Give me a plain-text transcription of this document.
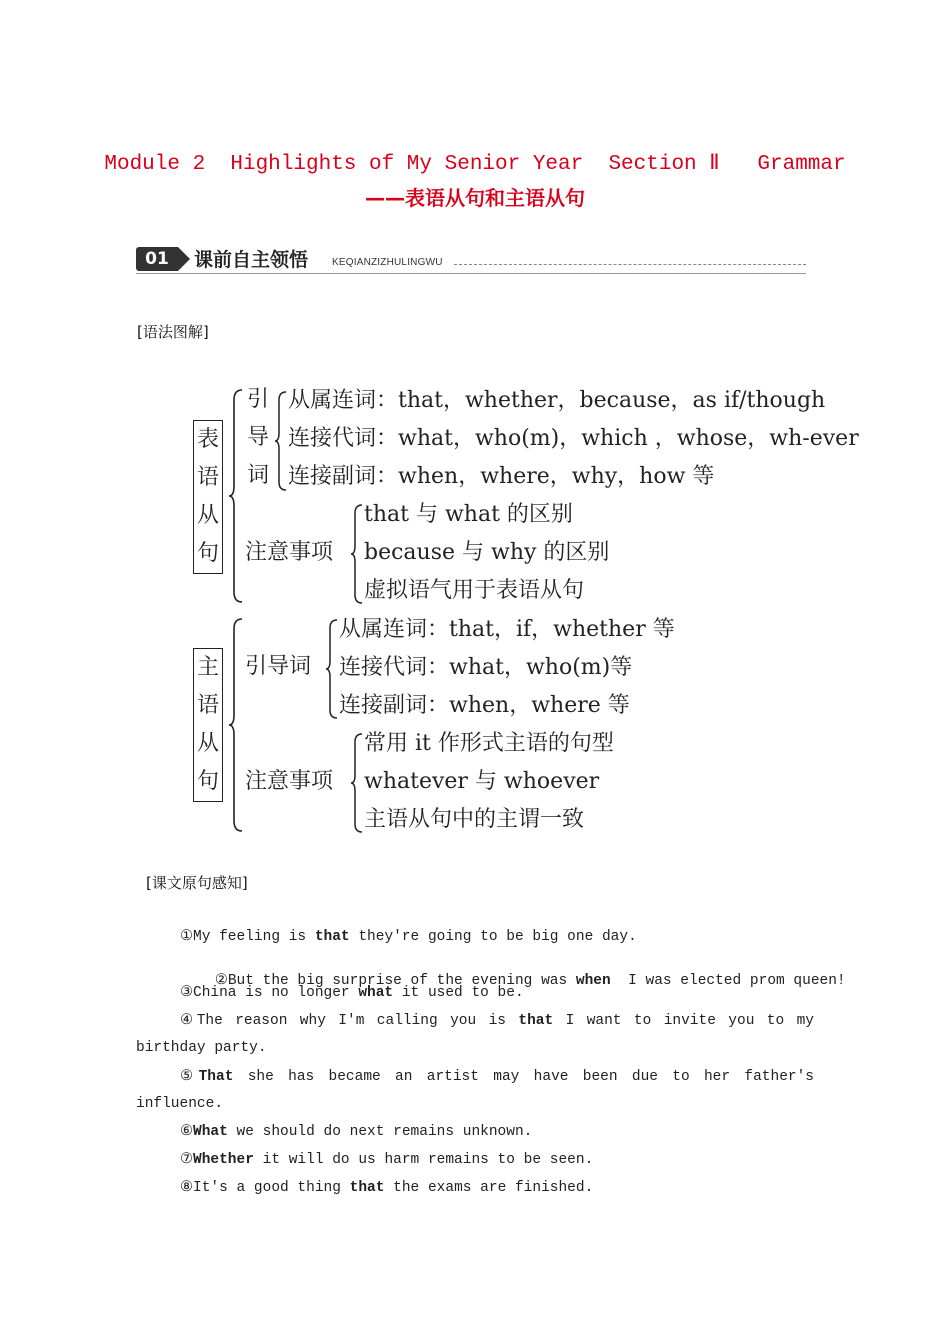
Module 2  Highlights of My Senior Year  Section Ⅱ   Grammar
——表语从句和主语从句
01	课前自主领悟 KEQIANZIZHULINGWU
[语法图解]
表
语
从
句
引
导
词
从属连词：that，whether，because，as if/though
连接代词：what，who(m)，which ，whose，wh-ever
连接副词：when，where，why，how 等
注意事项
that 与 what 的区别
because 与 why 的区别
虚拟语气用于表语从句
主
语
从
句
引导词
从属连词：that，if，whether 等
连接代词：what，who(m)等
连接副词：when，where 等
注意事项
常用 it 作形式主语的句型
whatever 与 whoever
主语从句中的主谓一致
[课文原句感知]
①My feeling is that they're going to be big one day.

②But the big surprise of the evening was when  I was elected prom queen!

③China is no longer what it used to be.
④The reason why I'm calling you is that I want to invite you to my
birthday party.
⑤That she has became an artist may have been due to her father's
influence.
⑥What we should do next remains unknown.
⑦Whether it will do us harm remains to be seen.
⑧It's a good thing that the exams are finished.
